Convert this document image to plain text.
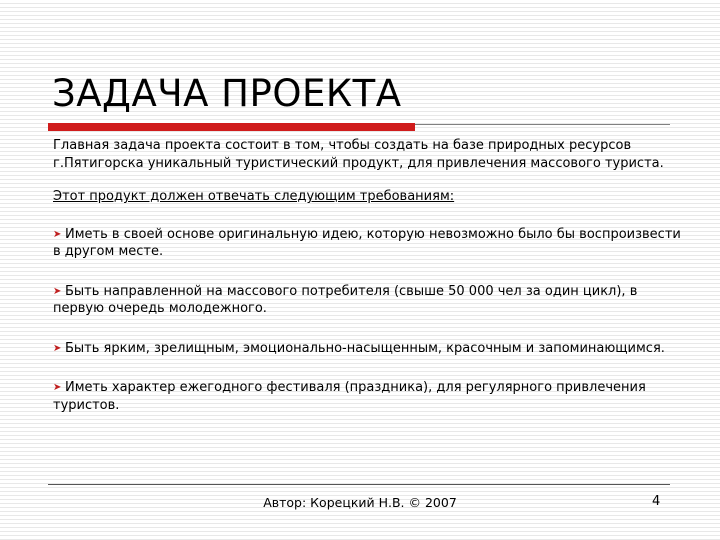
ЗАДАЧА ПРОЕКТА

Главная задача проекта состоит в том, чтобы создать на базе природных ресурсов г.Пятигорска уникальный туристический продукт, для привлечения массового туриста.

Этот продукт должен отвечать следующим требованиям:

➤ Иметь в своей основе оригинальную идею, которую невозможно было бы воспроизвести в другом месте.

➤ Быть направленной на массового потребителя (свыше 50 000 чел за один цикл), в первую очередь молодежного.

➤ Быть ярким, зрелищным, эмоционально-насыщенным, красочным и запоминающимся.

➤ Иметь характер ежегодного фестиваля (праздника), для регулярного привлечения туристов.

Автор: Корецкий Н.В. © 2007	4
